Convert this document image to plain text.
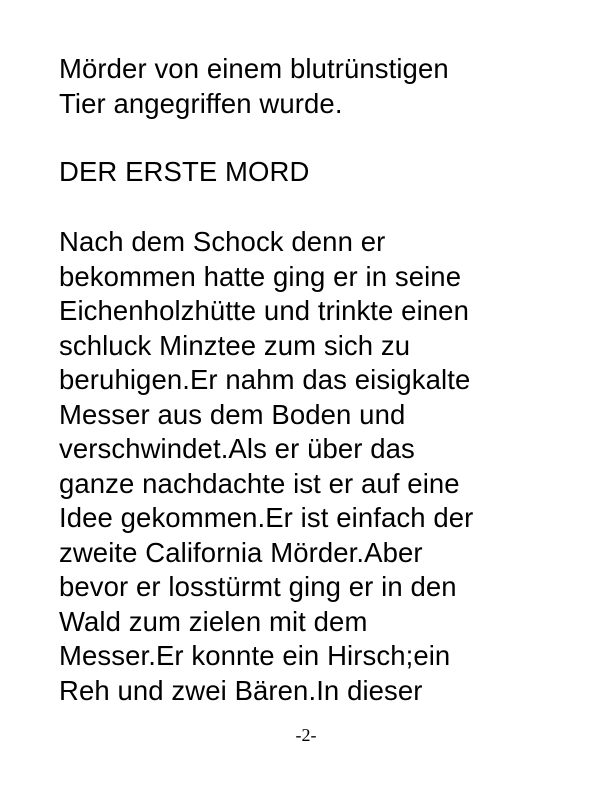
Mörder von einem blutrünstigen
Tier angegriffen wurde.
DER ERSTE MORD
Nach dem Schock denn er
bekommen hatte ging er in seine
Eichenholzhütte und trinkte einen
schluck Minztee zum sich zu
beruhigen.Er nahm das eisigkalte
Messer aus dem Boden und
verschwindet.Als er über das
ganze nachdachte ist er auf eine
Idee gekommen.Er ist einfach der
zweite California Mörder.Aber
bevor er losstürmt ging er in den
Wald zum zielen mit dem
Messer.Er konnte ein Hirsch;ein
Reh und zwei Bären.In dieser
-2-
